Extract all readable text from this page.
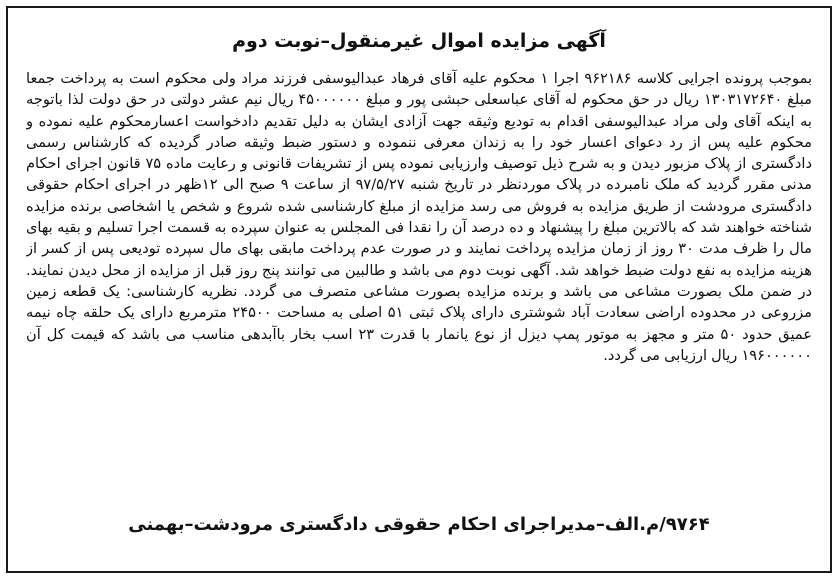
آگهی مزایده اموال غیرمنقول–نوبت دوم
بموجب پرونده اجرایی کلاسه ۹۶۲۱۸۶ اجرا ۱ محکوم علیه آقای فرهاد عبدالیوسفی فرزند مراد ولی محکوم است به پرداخت جمعا مبلغ ۱۳۰۳۱۷۲۶۴۰ ریال در حق محکوم له آقای عباسعلی حبشی پور و مبلغ ۴۵۰۰۰۰۰۰ ریال نیم عشر دولتی در حق دولت لذا باتوجه به اینکه آقای ولی مراد عبدالیوسفی اقدام به تودیع وثیقه جهت آزادی ایشان به دلیل تقدیم دادخواست اعسارمحکوم علیه نموده و محکوم علیه پس از رد دعوای اعسار خود را به زندان معرفی ننموده و دستور ضبط وثیقه صادر گردیده که کارشناس رسمی دادگستری از پلاک مزبور دیدن و به شرح ذیل توصیف وارزیابی نموده پس از تشریفات قانونی و رعایت ماده ۷۵ قانون اجرای احکام مدنی مقرر گردید که ملک نامبرده در پلاک موردنظر در تاریخ شنبه ۹۷/۵/۲۷ از ساعت ۹ صبح الی ۱۲ظهر در اجرای احکام حقوقی دادگستری مرودشت از طریق مزایده به فروش می رسد مزایده از مبلغ کارشناسی شده شروع و شخص یا اشخاصی برنده مزایده شناخته خواهند شد که بالاترین مبلغ را پیشنهاد و ده درصد آن را نقدا فی المجلس به عنوان سپرده به قسمت اجرا تسلیم و بقیه بهای مال را ظرف مدت ۳۰ روز از زمان مزایده پرداخت نمایند و در صورت عدم پرداخت مابقی بهای مال سپرده تودیعی پس از کسر از هزینه مزایده به نفع دولت ضبط خواهد شد. آگهی نوبت دوم می باشد و طالبین می توانند پنج روز قبل از مزایده از محل دیدن نمایند. در ضمن ملک بصورت مشاعی می باشد و برنده مزایده بصورت مشاعی متصرف می گردد. نظریه کارشناسی: یک قطعه زمین مزروعی در محدوده اراضی سعادت آباد شوشتری دارای پلاک ثبتی ۵۱ اصلی به مساحت ۲۴۵۰۰ مترمربع دارای یک حلقه چاه نیمه عمیق حدود ۵۰ متر و مجهز به موتور پمپ دیزل از نوع یانمار با قدرت ۲۳ اسب بخار باآبدهی مناسب می باشد که قیمت کل آن ۱۹۶۰۰۰۰۰۰ ریال ارزیابی می گردد.
۹۷۶۴/م.الف–مدیراجرای احکام حقوقی دادگستری مرودشت–بهمنی
